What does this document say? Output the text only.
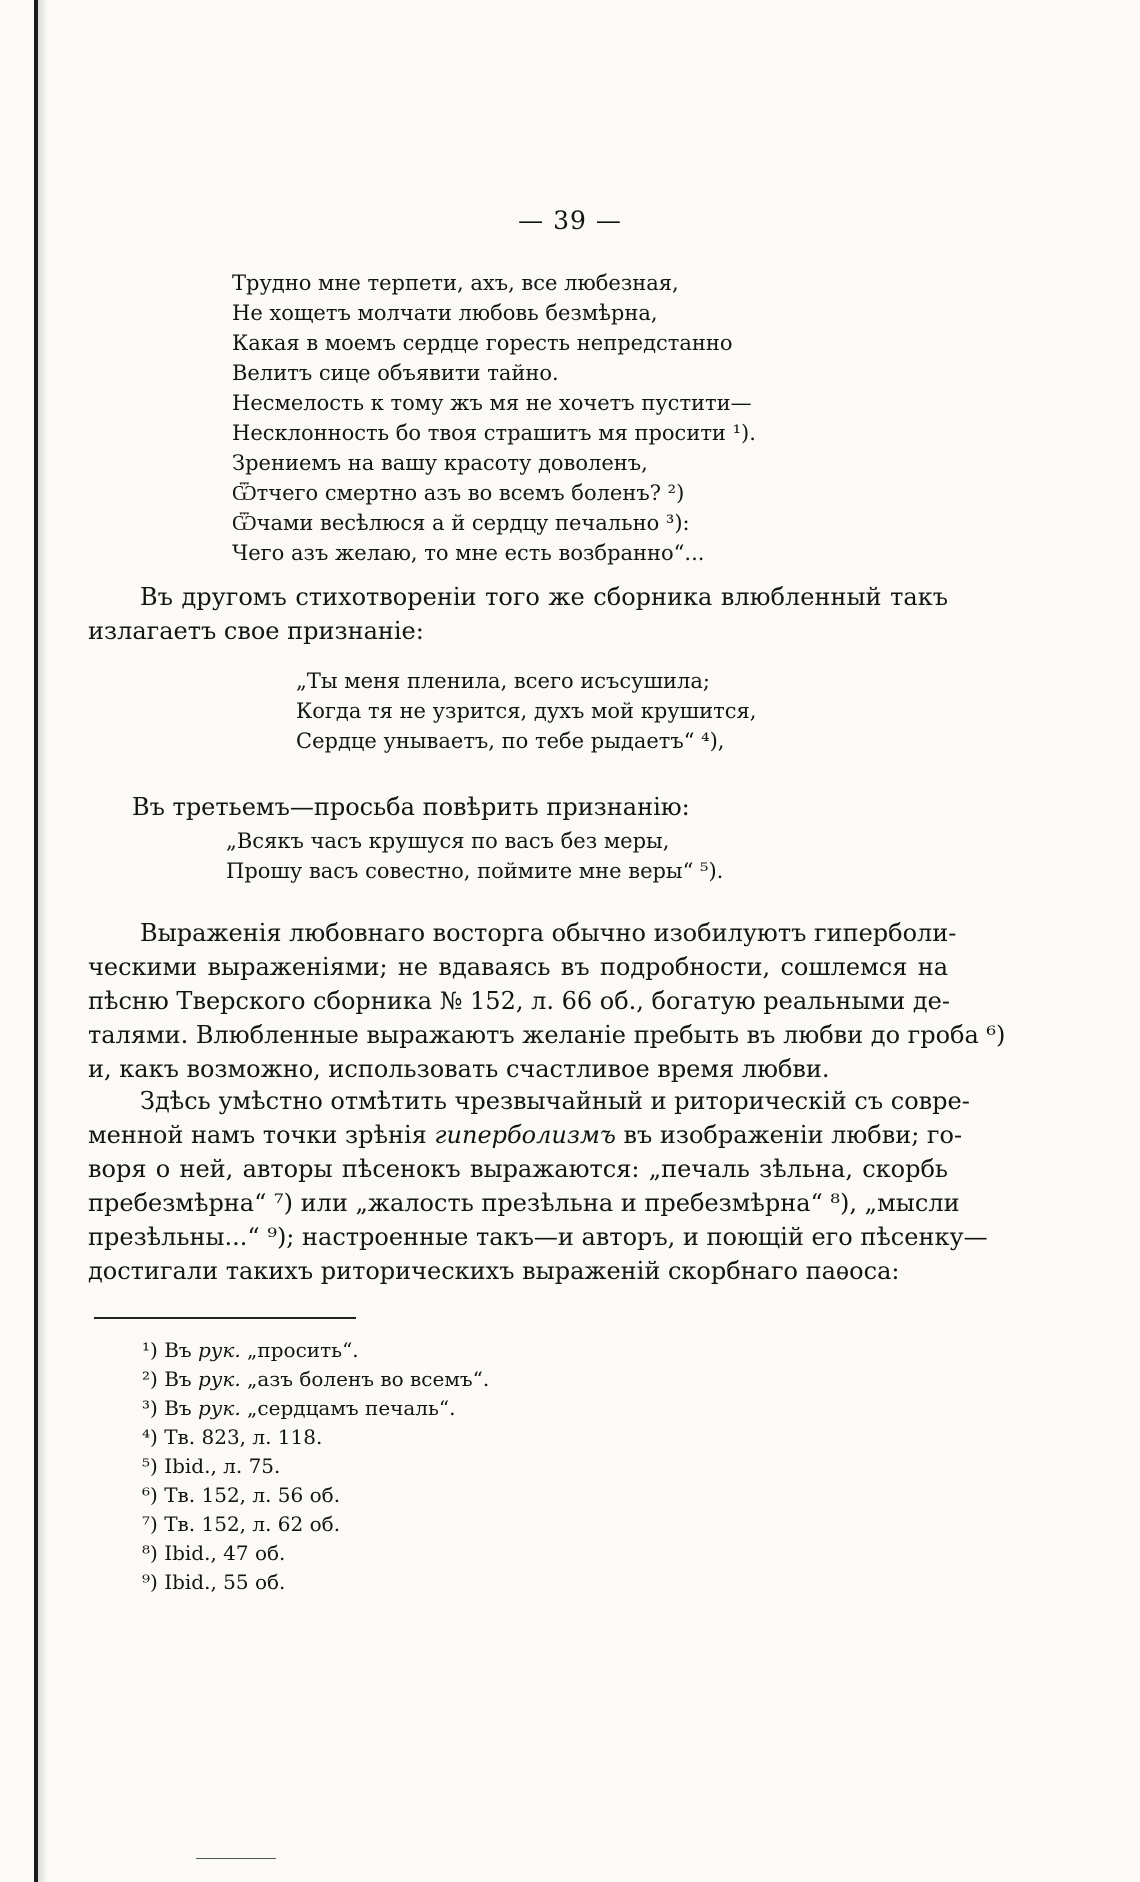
— 39 —
Трудно мне терпети, ахъ, все любезная,
Не хощетъ молчати любовь безмѣрна,
Какая в моемъ сердце горесть непредстанно
Велитъ сице объявити тайно.
Несмелость к тому жъ мя не хочетъ пустити—
Несклонность бо твоя страшитъ мя просити ¹).
Зрениемъ на вашу красоту доволенъ,
Ѿтчего смертно азъ во всемъ боленъ? ²)
Ѿчами весѣлюся а й сердцу печально ³):
Чего азъ желаю, то мне есть возбранно“...
Въ другомъ стихотвореніи того же сборника влюбленный такъ
излагаетъ свое признаніе:
„Ты меня пленила, всего исъсушила;
Когда тя не узрится, духъ мой крушится,
Сердце унываетъ, по тебе рыдаетъ“ ⁴),
Въ третьемъ—просьба повѣрить признанію:
„Всякъ часъ крушуся по васъ без меры,
Прошу васъ совестно, поймите мне веры“ ⁵).
Выраженія любовнаго восторга обычно изобилуютъ гипербoли-
ческими выраженіями; не вдаваясь въ подробности, сошлемся на
пѣсню Тверского сборника № 152, л. 66 об., богатую реальными де-
талями. Влюбленные выражаютъ желаніе пребыть въ любви до гроба ⁶)
и, какъ возможно, использовать счастливое время любви.
Здѣсь умѣстно отмѣтить чрезвычайный и риторическій съ совре-
менной намъ точки зрѣнія гиперболизмъ въ изображеніи любви; го-
воря о ней, авторы пѣсенокъ выражаются: „печаль зѣльна, скорбь
пребезмѣрна“ ⁷) или „жалость презѣльна и пребезмѣрна“ ⁸), „мысли
презѣльны...“ ⁹); настроенные такъ—и авторъ, и поющій его пѣсенку—
достигали такихъ риторическихъ выраженій скорбнаго паѳоса:
¹) Въ рук. „просить“.
²) Въ рук. „азъ боленъ во всемъ“.
³) Въ рук. „сердцамъ печаль“.
⁴) Тв. 823, л. 118.
⁵) Ibid., л. 75.
⁶) Тв. 152, л. 56 об.
⁷) Тв. 152, л. 62 об.
⁸) Ibid., 47 об.
⁹) Ibid., 55 об.
